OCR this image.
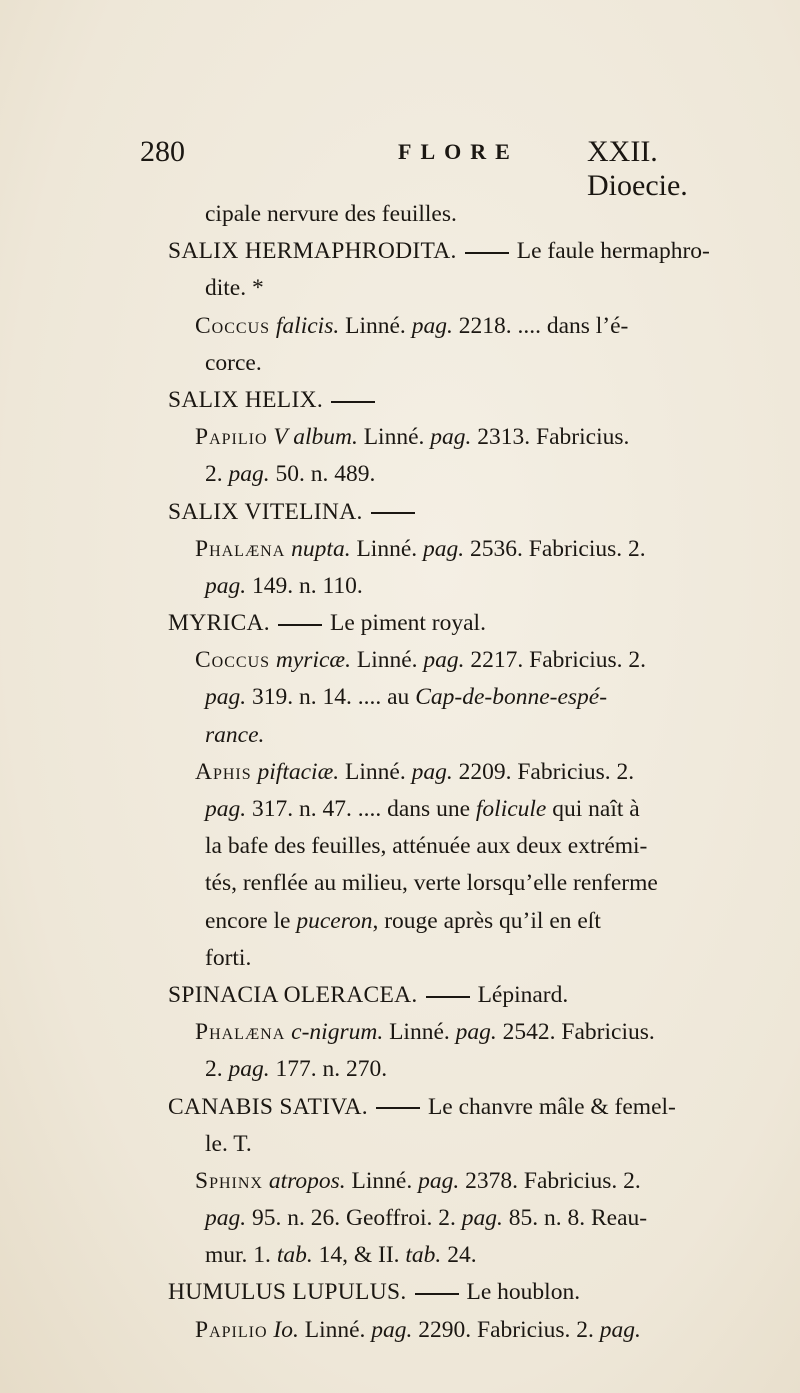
280	FLORE XXII. Dioecie.
cipale nervure des feuilles.
SALIX HERMAPHRODITA.	Le faule hermaphro-
dite. *
Coccus falicis. Linné. pag. 2218. .... dans l’é-
corce.
SALIX HELIX.
Papilio V album. Linné. pag. 2313. Fabricius.
2. pag. 50. n. 489.
SALIX VITELINA.
Phalæna nupta. Linné. pag. 2536. Fabricius. 2.
pag. 149. n. 110.
MYRICA.	Le piment royal.
Coccus myricæ. Linné. pag. 2217. Fabricius. 2.
pag. 319. n. 14. .... au Cap-de-bonne-espé-
rance.
Aphis piftaciæ. Linné. pag. 2209. Fabricius. 2.
pag. 317. n. 47. .... dans une folicule qui naît à
la bafe des feuilles, atténuée aux deux extrémi-
tés, renflée au milieu, verte lorsqu’elle renferme
encore le puceron, rouge après qu’il en eſt
forti.
SPINACIA OLERACEA.	Lépinard.
Phalæna c-nigrum. Linné. pag. 2542. Fabricius.
2. pag. 177. n. 270.
CANABIS SATIVA.	Le chanvre mâle & femel-
le. T.
Sphinx atropos. Linné. pag. 2378. Fabricius. 2.
pag. 95. n. 26. Geoffroi. 2. pag. 85. n. 8. Reau-
mur. 1. tab. 14, & II. tab. 24.
HUMULUS LUPULUS.	Le houblon.
Papilio Io. Linné. pag. 2290. Fabricius. 2. pag.
